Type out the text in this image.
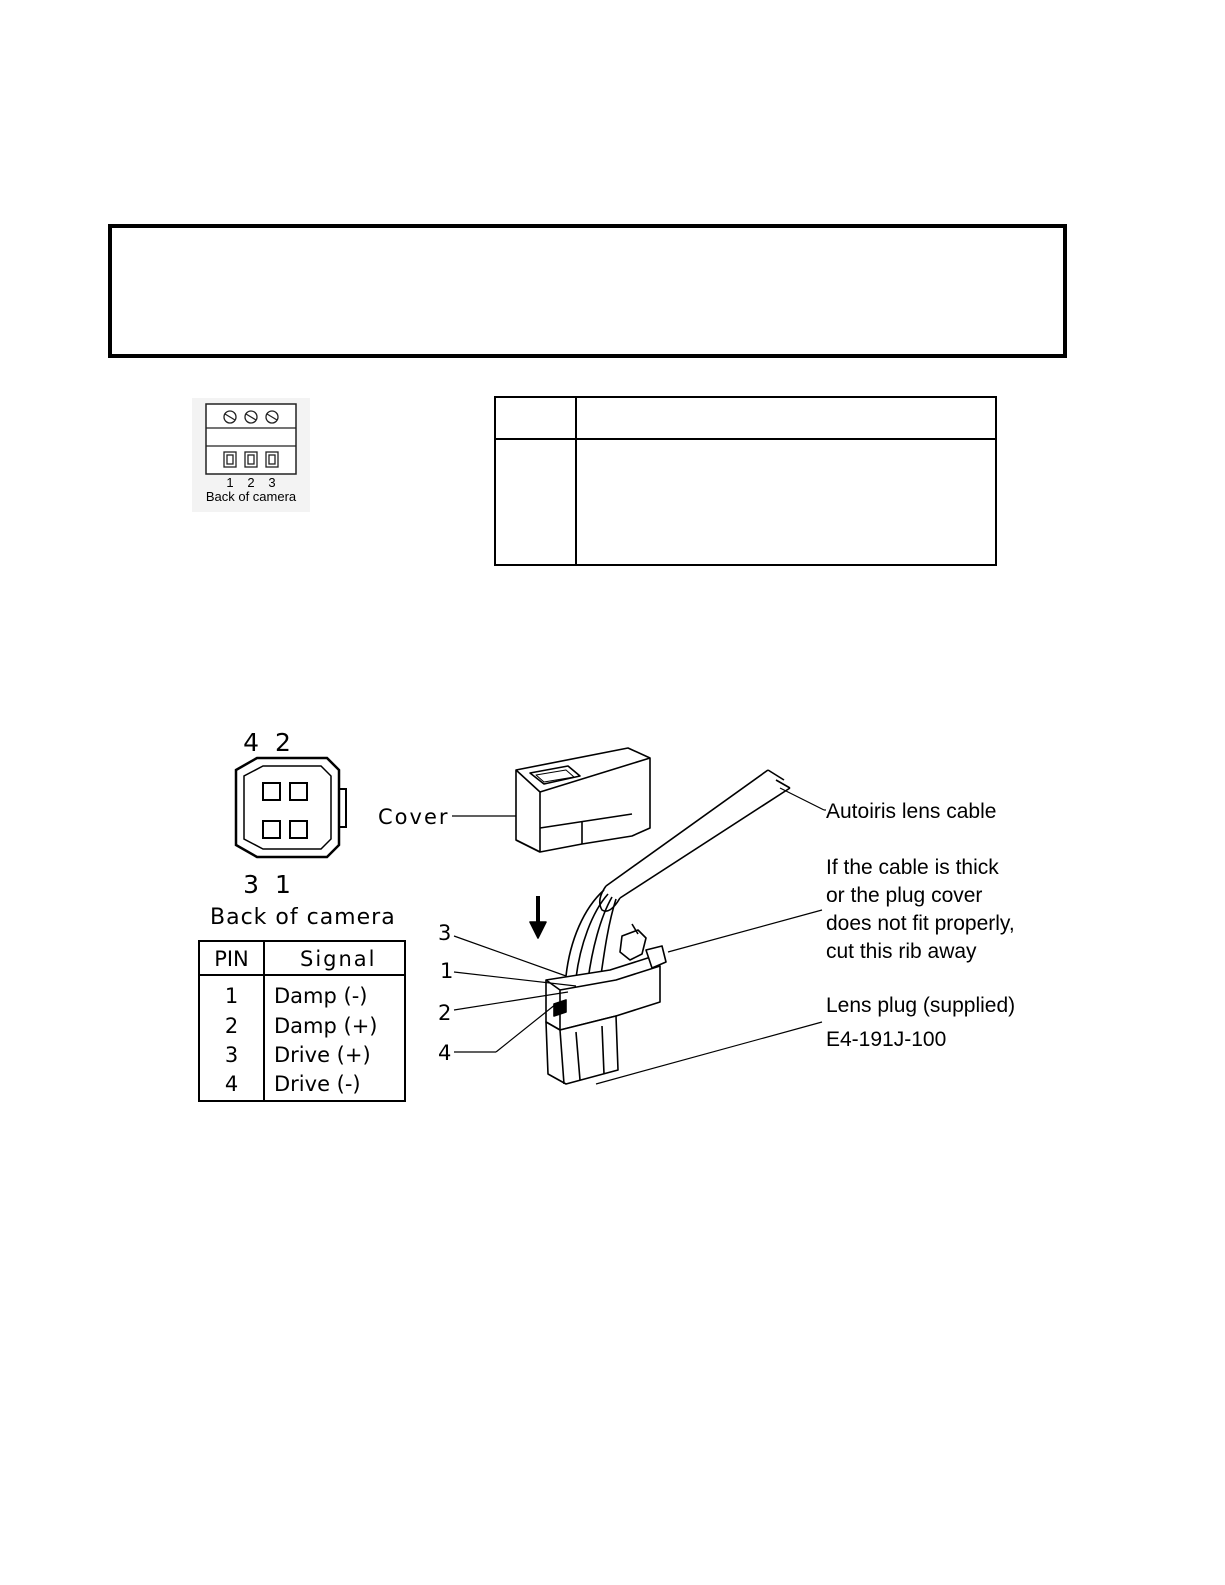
1 2 3
Back of camera
4  2
3  1
Back of camera
PIN	Signal
1	Damp (-)
2	Damp (+)
3	Drive (+)
4	Drive (-)
Cover	Autoiris lens cable
If the cable is thick
or the plug cover
does not fit properly,
cut this rib away
Lens plug (supplied)
E4-191J-100
3
1
2
4
